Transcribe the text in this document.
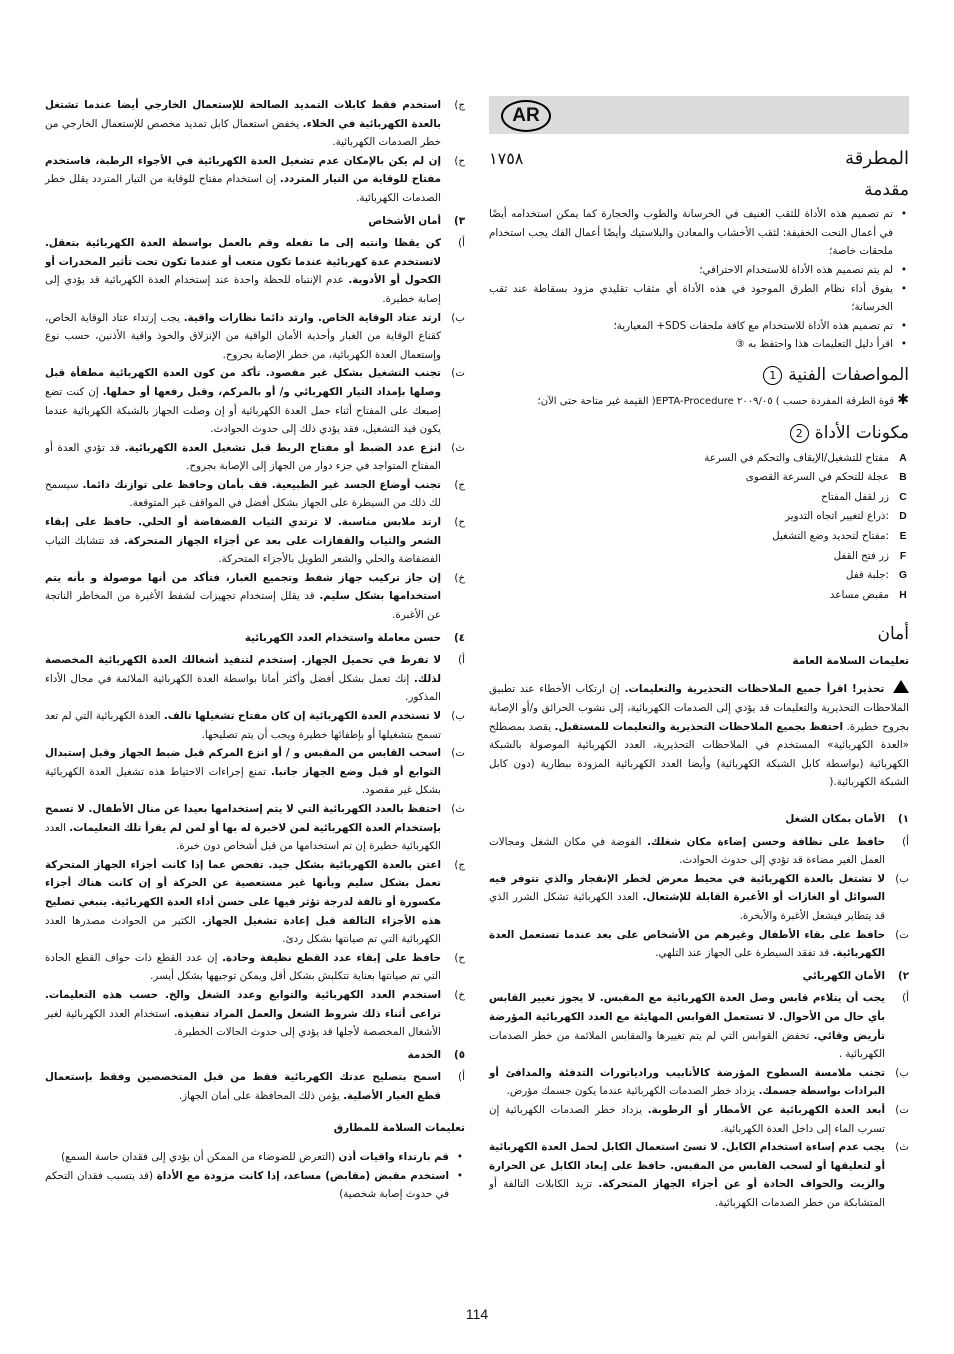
AR
المطرقة
١٧٥٨
مقدمة
• تم تصميم هذه الأداة للثقب العنيف في الخرسانة والطوب والحجارة كما يمكن استخدامه أيضًا في أعمال النحت الخفيفة: لثقب الأخشاب والمعادن والبلاستيك وأيضًا أعمال الفك يجب استخدام ملحقات خاصة؛
• لم يتم تصميم هذه الأداة للاستخدام الاحترافي؛
• يفوق أداء نظام الطرق الموجود في هذه الأداة أي مثقاب تقليدي مزود بسقاطة عند ثقب الخرسانة؛
• تم تصميم هذه الأداة للاستخدام مع كافة ملحقات SDS+ المعيارية؛
• اقرأ دليل التعليمات هذا واحتفظ به ③
المواصفات الفنية
1
✱ قوة الطرقة المفردة حسب ) ٢٠٠٩/٠٥ EPTA-Procedure( القيمة غير متاحة حتى الآن؛
مكونات الأداة
2
مفتاح للتشغيل/الإيقاف والتحكم في السرعة A
عجلة للتحكم في السرعة القصوى B
زر لقفل المفتاح C
ذراع لتغيير اتجاه التدوير: D
مفتاح لتحديد وضع التشغيل: E
زر فتح القفل F
جلبة قفل: G
مقبض مساعد H
أمان
تعليمات السلامة العامة
تحذير! اقرأ جميع الملاحظات التحذيرية والتعليمات. إن ارتكاب الأخطاء عند تطبيق الملاحظات التحذيرية والتعليمات قد يؤدي إلى الصدمات الكهربائية، إلى نشوب الحرائق و/أو الإصابة بجروح خطيرة. احتفظ بجميع الملاحظات التحذيرية والتعليمات للمستقبل. يقصد بمصطلح «العدة الكهربائية» المستخدم في الملاحظات التحذيرية، العدد الكهربائية الموصولة بالشبكة الكهربائية (بواسطة كابل الشبكة الكهربائية) وأيضا العدد الكهربائية المزودة ببطارية (دون كابل الشبكة الكهربائية.(
١)
الأمان بمكان الشغل
أ)
حافظ على نظافة وحسن إضاءة مكان شغلك. الفوضة في مكان الشغل ومجالات العمل الغير مضاءة قد تؤدي إلى حدوث الحوادث.
ب)
لا تشتغل بالعدة الكهربائية في محيط معرض لخطر الإنفجار والذي تتوفر فيه السوائل أو الغازات أو الأغبرة القابلة للإشتعال. العدد الكهربائية تشكل الشرر الذي قد يتطاير فيشعل الأغبرة والأبخرة.
ت)
حافظ على بقاء الأطفال وغيرهم من الأشخاص على بعد عندما تستعمل العدة الكهربائية. قد تفقد السيطرة على الجهاز عند التلهي.
٢)
الأمان الكهربائي
أ)
يجب أن يتلاءم قابس وصل العدة الكهربائية مع المقبس. لا يجوز تغيير القابس بأي حال من الأحوال. لا تستعمل القوابس المهايئة مع العدد الكهربائية المؤرضة تأريض وقائي. تخفض القوابس التي لم يتم تغييرها والمقابس الملائمة من خطر الصدمات الكهربائية .
ب)
تجنب ملامسة السطوح المؤرضة كالأنابيب ورادياتورات التدفئة والمدافئ أو البرادات بواسطة جسمك. يزداد خطر الصدمات الكهربائية عندما يكون جسمك مؤرض.
ت)
أبعد العدة الكهربائية عن الأمطار أو الرطوبة. يزداد خطر الصدمات الكهربائية إن تسرب الماء إلى داخل العدة الكهربائية.
ث)
يجب عدم إساءة استخدام الكابل. لا تسئ استعمال الكابل لحمل العدة الكهربائية أو لتعليقها أو لسحب القابس من المقبس. حافظ على إبعاد الكابل عن الحرارة والزيت والحواف الحادة أو عن أجزاء الجهاز المتحركة. تزيد الكابلات التالفة أو المتشابكة من خطر الصدمات الكهربائية.
ج)
استخدم فقط كابلات التمديد الصالحة للإستعمال الخارجي أيضا عندما تشتغل بالعدة الكهربائية في الخلاء. يخفض استعمال كابل تمديد مخصص للإستعمال الخارجي من خطر الصدمات الكهربائية.
ح)
إن لم يكن بالإمكان عدم تشغيل العدة الكهربائية في الأجواء الرطبة، فاستخدم مفتاح للوقاية من التيار المتردد. إن استخدام مفتاح للوقاية من التيار المتردد يقلل خطر الصدمات الكهربائية.
٣)
أمان الأشخاص
أ)
كن يقظا وانتبه إلى ما تفعله وقم بالعمل بواسطة العدة الكهربائية بتعقل. لاتستخدم عدة كهربائية عندما تكون متعب أو عندما تكون تحت تأثير المخدرات أو الكحول أو الأدوية. عدم الإنتباه للحظة واحدة عند إستخدام العدة الكهربائية قد يؤدي إلى إصابة خطيرة.
ب)
ارتد عتاد الوقاية الخاص. وارتد دائما نظارات واقية. يجب إرتداء عتاد الوقاية الخاص، كقناع الوقاية من الغبار وأحذية الأمان الواقية من الإنزلاق والخوذ واقية الأذنين، حسب نوع وإستعمال العدة الكهربائية، من خطر الإصابة بجروح.
ت)
تجنب التشغيل بشكل غير مقصود. تأكد من كون العدة الكهربائية مطفأة قبل وصلها بإمداد التيار الكهربائي و/ أو بالمركم، وقبل رفعها أو حملها. إن كنت تضع إصبعك على المفتاح أثناء حمل العدة الكهربائية أو إن وصلت الجهاز بالشبكة الكهربائية عندما يكون قيد التشغيل، فقد يؤدي ذلك إلى حدوث الحوادث.
ث)
انزع عدد الضبط أو مفتاح الربط قبل تشغيل العدة الكهربائية. قد تؤدي العدة أو المفتاح المتواجد في جزء دوار من الجهاز إلى الإصابة بجروح.
ج)
تجنب أوضاع الجسد غير الطبيعية. قف بأمان وحافظ على توازنك دائما. سيسمح لك ذلك من السيطرة على الجهاز بشكل أفضل في المواقف غير المتوقعة.
ح)
ارتد ملابس مناسبة. لا ترتدي الثياب الفضفاضة أو الحلي. حافظ على إبقاء الشعر والثياب والقفازات على بعد عن أجزاء الجهاز المتحركة. قد تتشابك الثياب الفضفاضة والحلي والشعر الطويل بالأجزاء المتحركة.
خ)
إن جاز تركيب جهاز شفط وتجميع الغبار، فتأكد من أنها موصولة و بأنه يتم استخدامها بشكل سليم. قد يقلل إستخدام تجهيزات لشفط الأغبرة من المخاطر الناتجة عن الأغبرة.
٤)
حسن معاملة واستخدام العدد الكهربائية
أ)
لا تفرط في تحميل الجهاز. إستخدم لتنفيذ أشغالك العدة الكهربائية المخصصة لذلك. إنك تعمل بشكل أفضل وأكثر أمانا بواسطة العدة الكهربائية الملائمة في مجال الأداء المذكور.
ب)
لا تستخدم العدة الكهربائية إن كان مفتاح تشغيلها تالف. العدة الكهربائية التي لم تعد تسمح بتشغيلها أو بإطفائها خطيرة ويجب أن يتم تصليحها.
ت)
اسحب القابس من المقبس و / أو انزع المركم قبل ضبط الجهاز وقبل إستبدال التوابع أو قبل وضع الجهاز جانبا. تمنع إجراءات الاحتياط هذه تشغيل العدة الكهربائية بشكل غير مقصود.
ث)
احتفظ بالعدد الكهربائية التي لا يتم إستخدامها بعيدا عن منال الأطفال. لا تسمح بإستخدام العدة الكهربائية لمن لاخبرة له بها أو لمن لم يقرأ تلك التعليمات. العدد الكهربائية خطيرة إن تم استخدامها من قبل أشخاص دون خبرة.
ج)
اعتن بالعدة الكهربائية بشكل جيد. تفحص عما إذا كانت أجزاء الجهاز المتحركة تعمل بشكل سليم وبأنها غير مستعصية عن الحركة أو إن كانت هناك أجزاء مكسورة أو تالفة لدرجة تؤثر فيها على حسن أداء العدة الكهربائية. ينبغي تصليح هذه الأجزاء التالفة قبل إعادة تشغيل الجهاز. الكثير من الحوادث مصدرها العدد الكهربائية التي تم صيانتها بشكل ردئ.
ح)
حافظ على إبقاء عدد القطع نظيفة وحادة. إن عدد القطع ذات حواف القطع الحادة التي تم صيانتها بعناية تتكلبش بشكل أقل ويمكن توجيهها بشكل أيسر.
خ)
استخدم العدد الكهربائية والتوابع وعدد الشغل والخ. حسب هذه التعليمات. تراعى أثناء ذلك شروط الشغل والعمل المراد تنفيذه. استخدام العدد الكهربائية لغير الأشغال المخصصة لأجلها قد يؤدي إلى حدوث الحالات الخطيرة.
٥)
الخدمة
أ)
اسمح بتصليح عدتك الكهربائية فقط من قبل المتخصصين وفقط بإستعمال قطع الغيار الأصلية. يؤمن ذلك المحافظة على أمان الجهاز.
تعليمات السلامة للمطارق
• قم بارتداء واقيات أذن (التعرض للضوضاء من الممكن أن يؤدي إلى فقدان حاسة السمع)
• استخدم مقبض (مقابض) مساعد، إذا كانت مزودة مع الأداة (قد يتسبب فقدان التحكم في حدوث إصابة شخصية)
114
